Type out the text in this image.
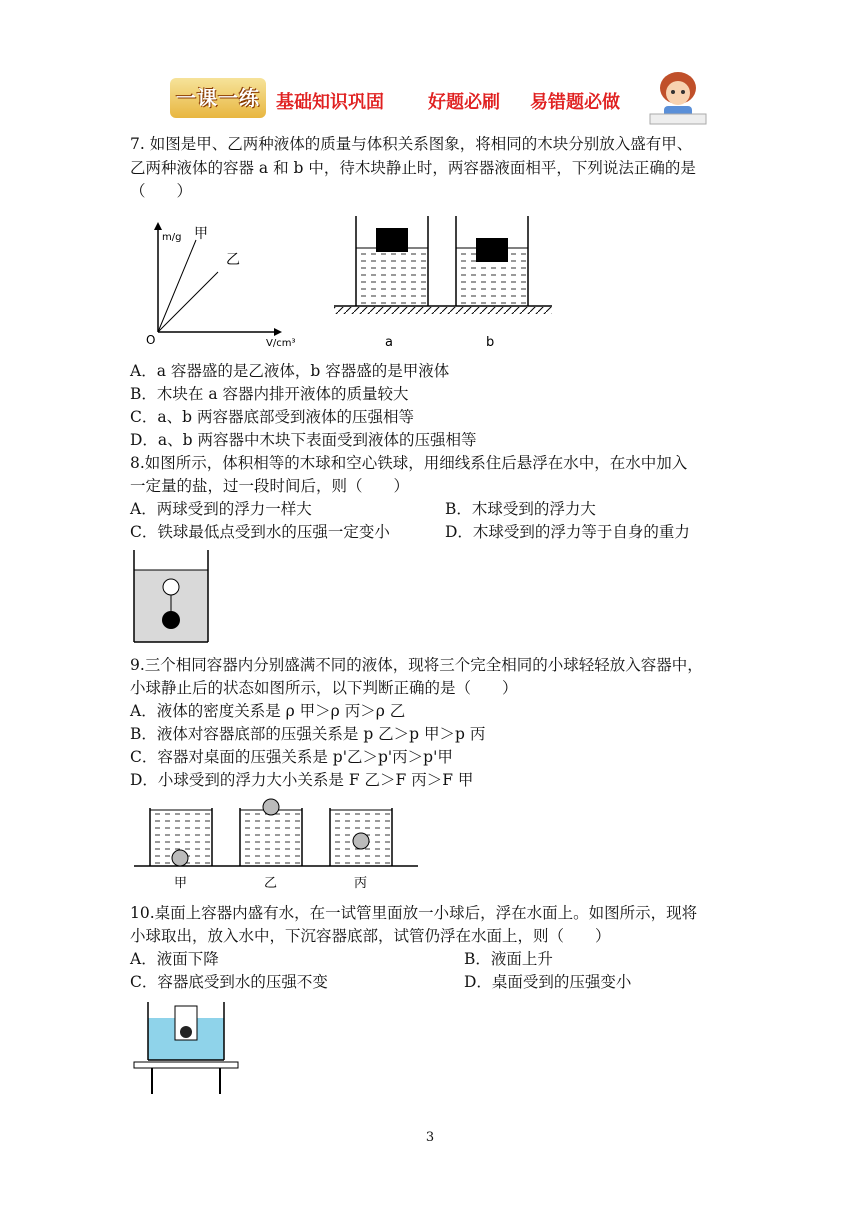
一课一练 基础知识巩固 好题必刷 易错题必做
7. 如图是甲、乙两种液体的质量与体积关系图象，将相同的木块分别放入盛有甲、
乙两种液体的容器 a 和 b 中，待木块静止时，两容器液面相平，下列说法正确的是
（　　）
m/g 甲
乙
O	V/cm³	a	b
A．a 容器盛的是乙液体，b 容器盛的是甲液体
B．木块在 a 容器内排开液体的质量较大
C．a、b 两容器底部受到液体的压强相等
D．a、b 两容器中木块下表面受到液体的压强相等
8.如图所示，体积相等的木球和空心铁球，用细线系住后悬浮在水中，在水中加入
一定量的盐，过一段时间后，则（　　）
A．两球受到的浮力一样大	B．木球受到的浮力大
C．铁球最低点受到水的压强一定变小	D．木球受到的浮力等于自身的重力
9.三个相同容器内分别盛满不同的液体，现将三个完全相同的小球轻轻放入容器中，
小球静止后的状态如图所示，以下判断正确的是（　　）
A．液体的密度关系是 ρ 甲＞ρ 丙＞ρ 乙
B．液体对容器底部的压强关系是 p 乙＞p 甲＞p 丙
C．容器对桌面的压强关系是 p'乙＞p'丙＞p'甲
D．小球受到的浮力大小关系是 F 乙＞F 丙＞F 甲
甲	乙	丙
10.桌面上容器内盛有水，在一试管里面放一小球后，浮在水面上。如图所示，现将
小球取出，放入水中，下沉容器底部，试管仍浮在水面上，则（　　）
A．液面下降	B．液面上升
C．容器底受到水的压强不变	D．桌面受到的压强变小
3
